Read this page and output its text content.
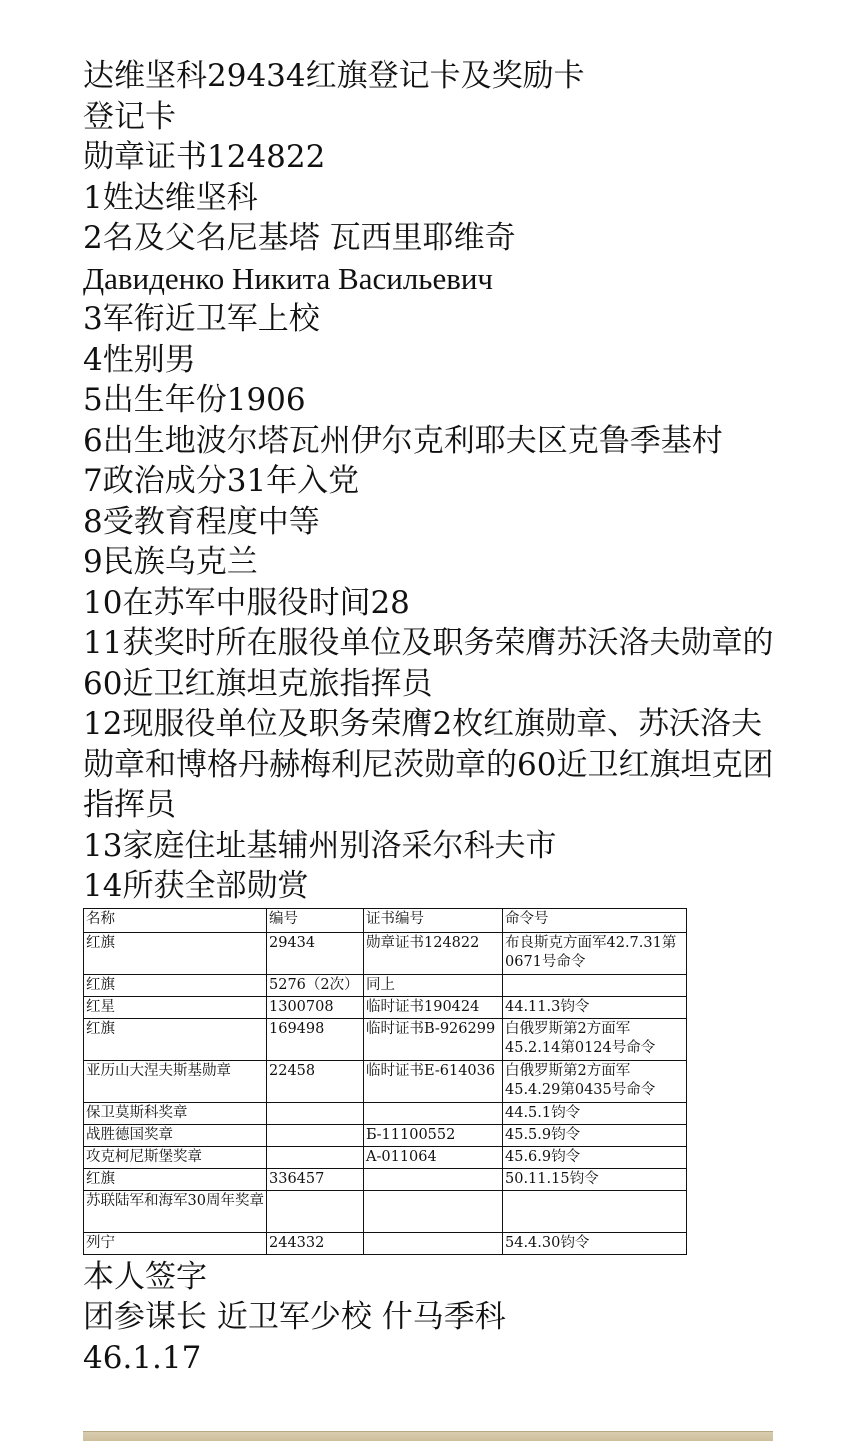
达维坚科29434红旗登记卡及奖励卡

登记卡

勋章证书124822

1姓达维坚科

2名及父名尼基塔 瓦西里耶维奇

Давиденко Никита Васильевич

3军衔近卫军上校

4性别男

5出生年份1906

6出生地波尔塔瓦州伊尔克利耶夫区克鲁季基村

7政治成分31年入党

8受教育程度中等

9民族乌克兰

10在苏军中服役时间28

11获奖时所在服役单位及职务荣膺苏沃洛夫勋章的60近卫红旗坦克旅指挥员

12现服役单位及职务荣膺2枚红旗勋章、苏沃洛夫勋章和博格丹赫梅利尼茨勋章的60近卫红旗坦克团指挥员

13家庭住址基辅州别洛采尔科夫市

14所获全部勋赏

名称	编号	证书编号	命令号
红旗	29434	勋章证书124822	布良斯克方面军42.7.31第0671号命令
红旗	5276（2次）	同上	
红星	1300708	临时证书190424	44.11.3钧令
红旗	169498	临时证书B-926299	白俄罗斯第2方面军45.2.14第0124号命令
亚历山大涅夫斯基勋章	22458	临时证书E-614036	白俄罗斯第2方面军45.4.29第0435号命令
保卫莫斯科奖章			44.5.1钧令
战胜德国奖章		Б-11100552	45.5.9钧令
攻克柯尼斯堡奖章		A-011064	45.6.9钧令
红旗	336457		50.11.15钧令
苏联陆军和海军30周年奖章			
列宁	244332		54.4.30钧令

本人签字

团参谋长 近卫军少校 什马季科

46.1.17
